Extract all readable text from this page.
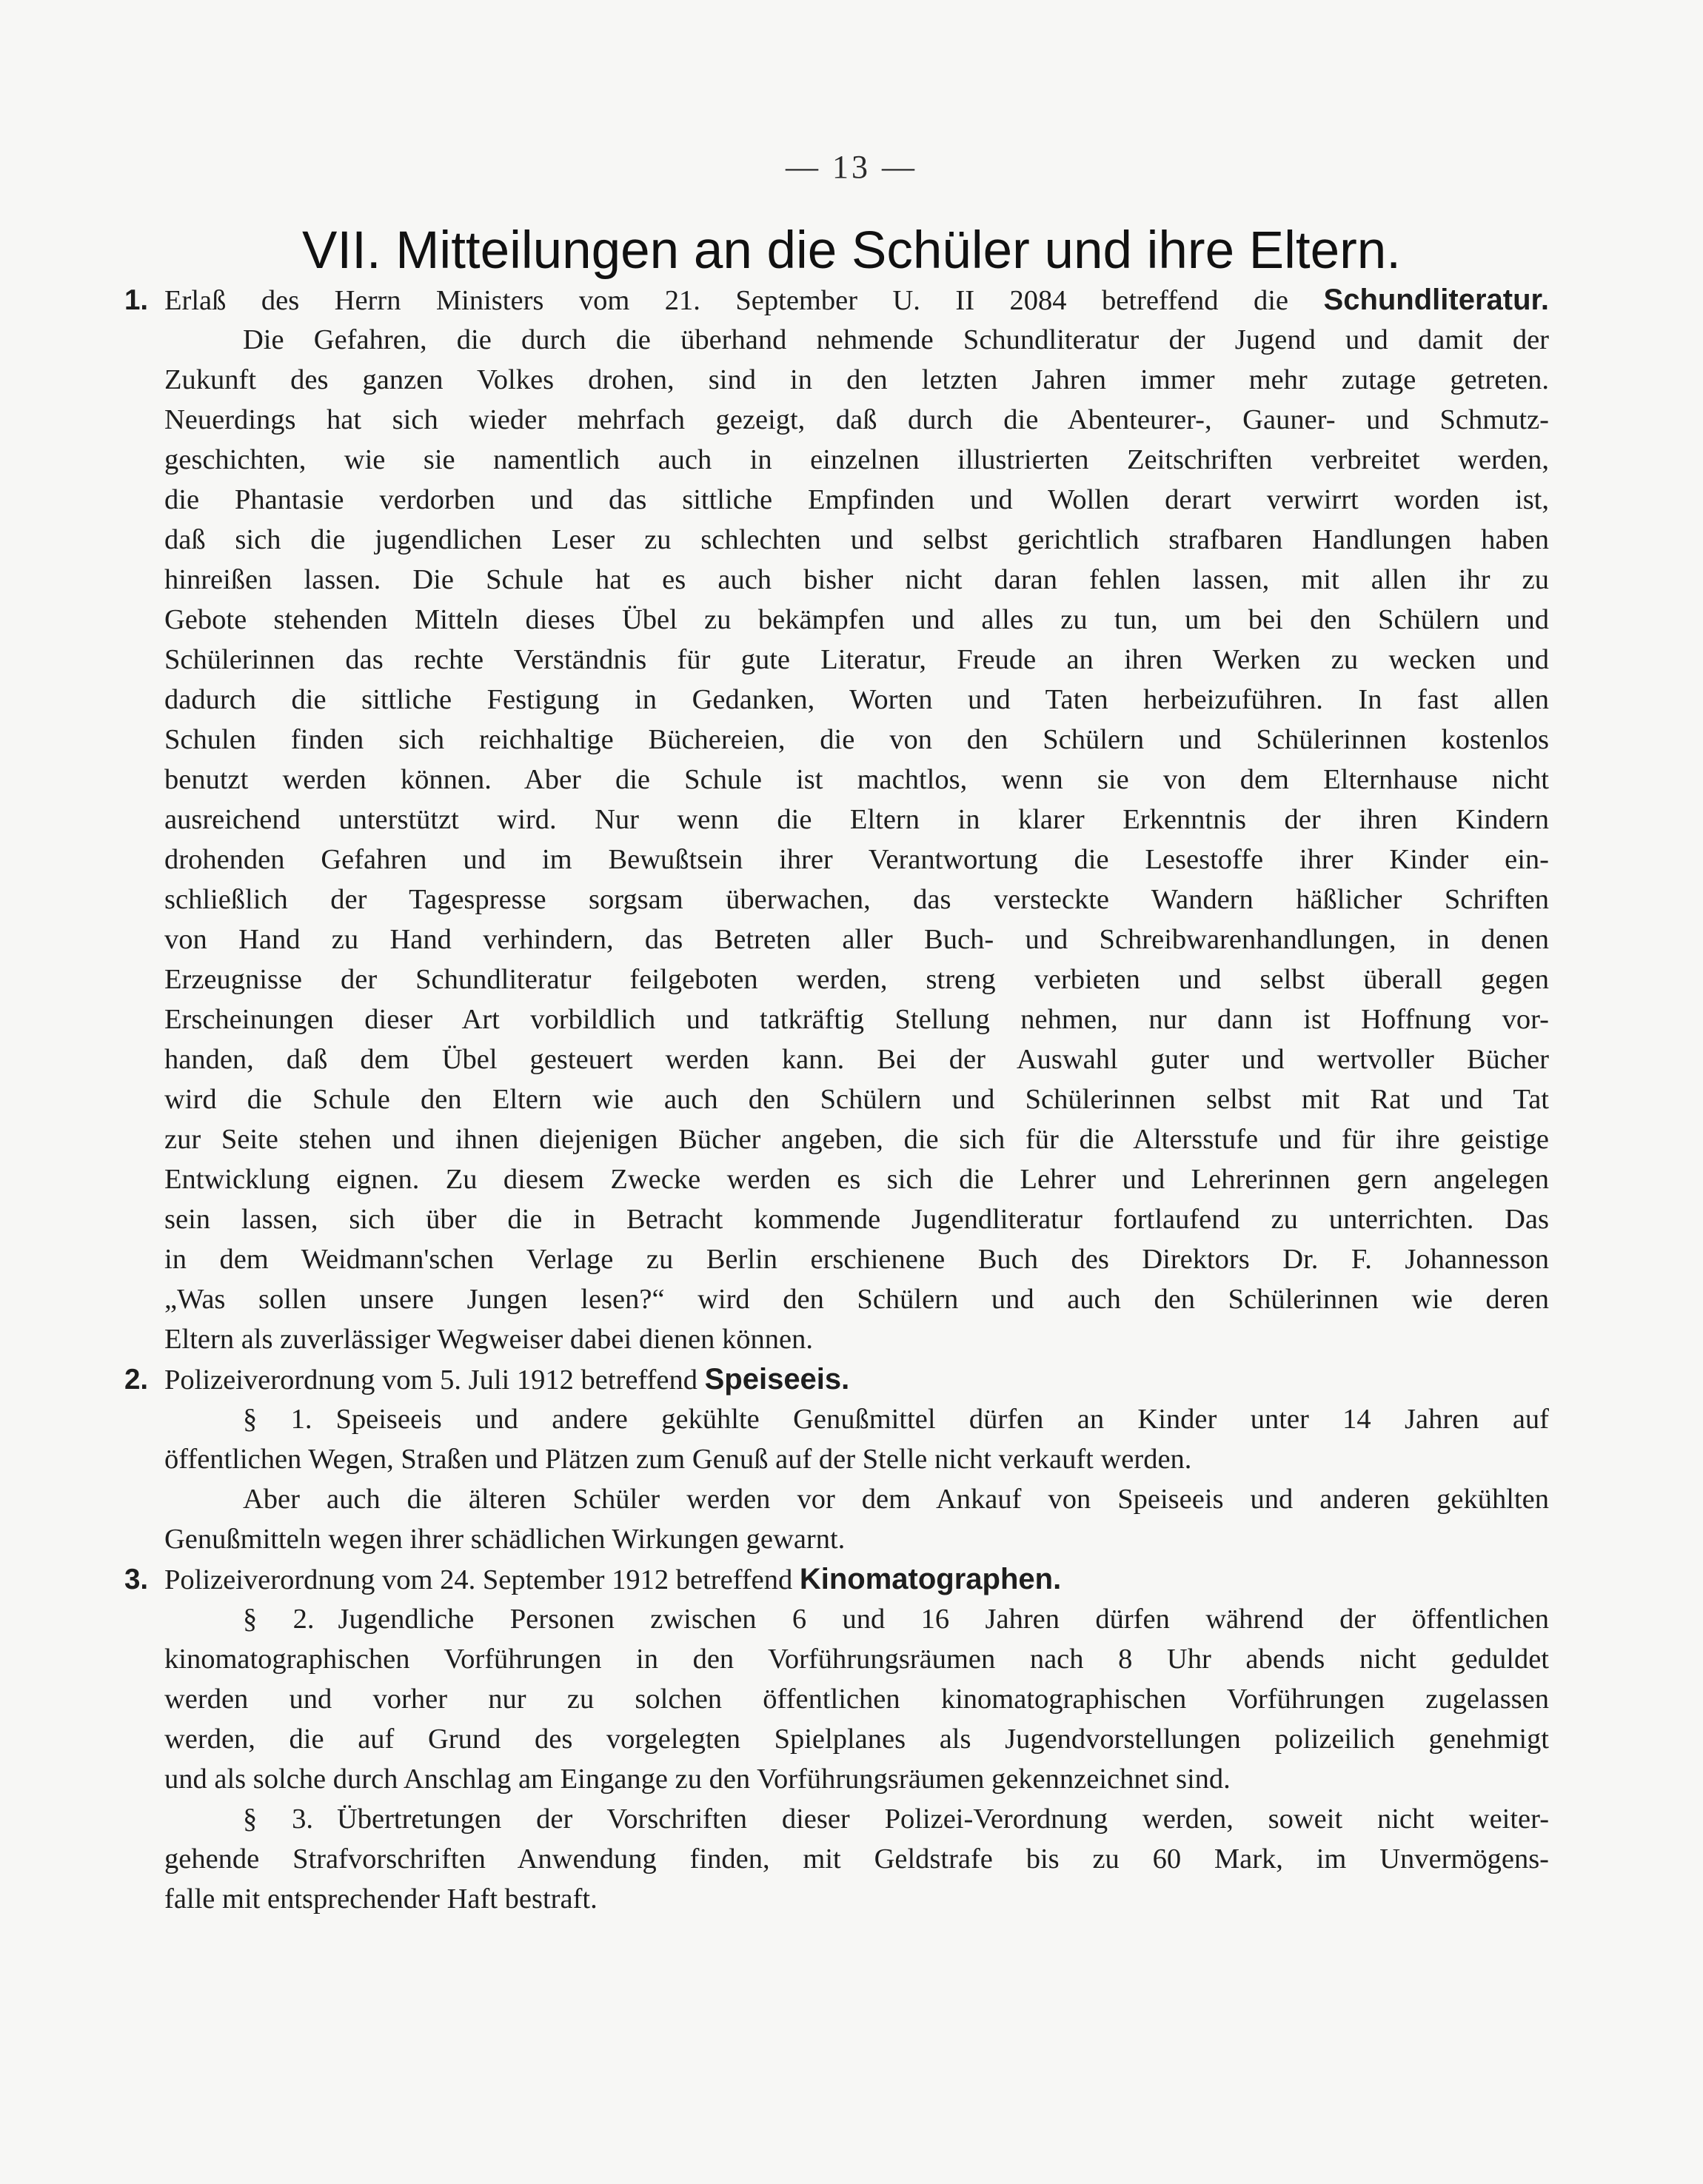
— 13 —
VII. Mitteilungen an die Schüler und ihre Eltern.
1. Erlaß des Herrn Ministers vom 21. September U. II 2084 betreffend die Schundliteratur.
Die Gefahren, die durch die überhand nehmende Schundliteratur der Jugend und damit der
Zukunft des ganzen Volkes drohen, sind in den letzten Jahren immer mehr zutage getreten.
Neuerdings hat sich wieder mehrfach gezeigt, daß durch die Abenteurer-, Gauner- und Schmutz-
geschichten, wie sie namentlich auch in einzelnen illustrierten Zeitschriften verbreitet werden,
die Phantasie verdorben und das sittliche Empfinden und Wollen derart verwirrt worden ist,
daß sich die jugendlichen Leser zu schlechten und selbst gerichtlich strafbaren Handlungen haben
hinreißen lassen. Die Schule hat es auch bisher nicht daran fehlen lassen, mit allen ihr zu
Gebote stehenden Mitteln dieses Übel zu bekämpfen und alles zu tun, um bei den Schülern und
Schülerinnen das rechte Verständnis für gute Literatur, Freude an ihren Werken zu wecken und
dadurch die sittliche Festigung in Gedanken, Worten und Taten herbeizuführen. In fast allen
Schulen finden sich reichhaltige Büchereien, die von den Schülern und Schülerinnen kostenlos
benutzt werden können. Aber die Schule ist machtlos, wenn sie von dem Elternhause nicht
ausreichend unterstützt wird. Nur wenn die Eltern in klarer Erkenntnis der ihren Kindern
drohenden Gefahren und im Bewußtsein ihrer Verantwortung die Lesestoffe ihrer Kinder ein-
schließlich der Tagespresse sorgsam überwachen, das versteckte Wandern häßlicher Schriften
von Hand zu Hand verhindern, das Betreten aller Buch- und Schreibwarenhandlungen, in denen
Erzeugnisse der Schundliteratur feilgeboten werden, streng verbieten und selbst überall gegen
Erscheinungen dieser Art vorbildlich und tatkräftig Stellung nehmen, nur dann ist Hoffnung vor-
handen, daß dem Übel gesteuert werden kann. Bei der Auswahl guter und wertvoller Bücher
wird die Schule den Eltern wie auch den Schülern und Schülerinnen selbst mit Rat und Tat
zur Seite stehen und ihnen diejenigen Bücher angeben, die sich für die Altersstufe und für ihre geistige
Entwicklung eignen. Zu diesem Zwecke werden es sich die Lehrer und Lehrerinnen gern angelegen
sein lassen, sich über die in Betracht kommende Jugendliteratur fortlaufend zu unterrichten. Das
in dem Weidmann'schen Verlage zu Berlin erschienene Buch des Direktors Dr. F. Johannesson
„Was sollen unsere Jungen lesen?“ wird den Schülern und auch den Schülerinnen wie deren
Eltern als zuverlässiger Wegweiser dabei dienen können.
2. Polizeiverordnung vom 5. Juli 1912 betreffend Speiseeis.
§ 1. Speiseeis und andere gekühlte Genußmittel dürfen an Kinder unter 14 Jahren auf
öffentlichen Wegen, Straßen und Plätzen zum Genuß auf der Stelle nicht verkauft werden.
Aber auch die älteren Schüler werden vor dem Ankauf von Speiseeis und anderen gekühlten
Genußmitteln wegen ihrer schädlichen Wirkungen gewarnt.
3. Polizeiverordnung vom 24. September 1912 betreffend Kinomatographen.
§ 2. Jugendliche Personen zwischen 6 und 16 Jahren dürfen während der öffentlichen
kinomatographischen Vorführungen in den Vorführungsräumen nach 8 Uhr abends nicht geduldet
werden und vorher nur zu solchen öffentlichen kinomatographischen Vorführungen zugelassen
werden, die auf Grund des vorgelegten Spielplanes als Jugendvorstellungen polizeilich genehmigt
und als solche durch Anschlag am Eingange zu den Vorführungsräumen gekennzeichnet sind.
§ 3. Übertretungen der Vorschriften dieser Polizei-Verordnung werden, soweit nicht weiter-
gehende Strafvorschriften Anwendung finden, mit Geldstrafe bis zu 60 Mark, im Unvermögens-
falle mit entsprechender Haft bestraft.
